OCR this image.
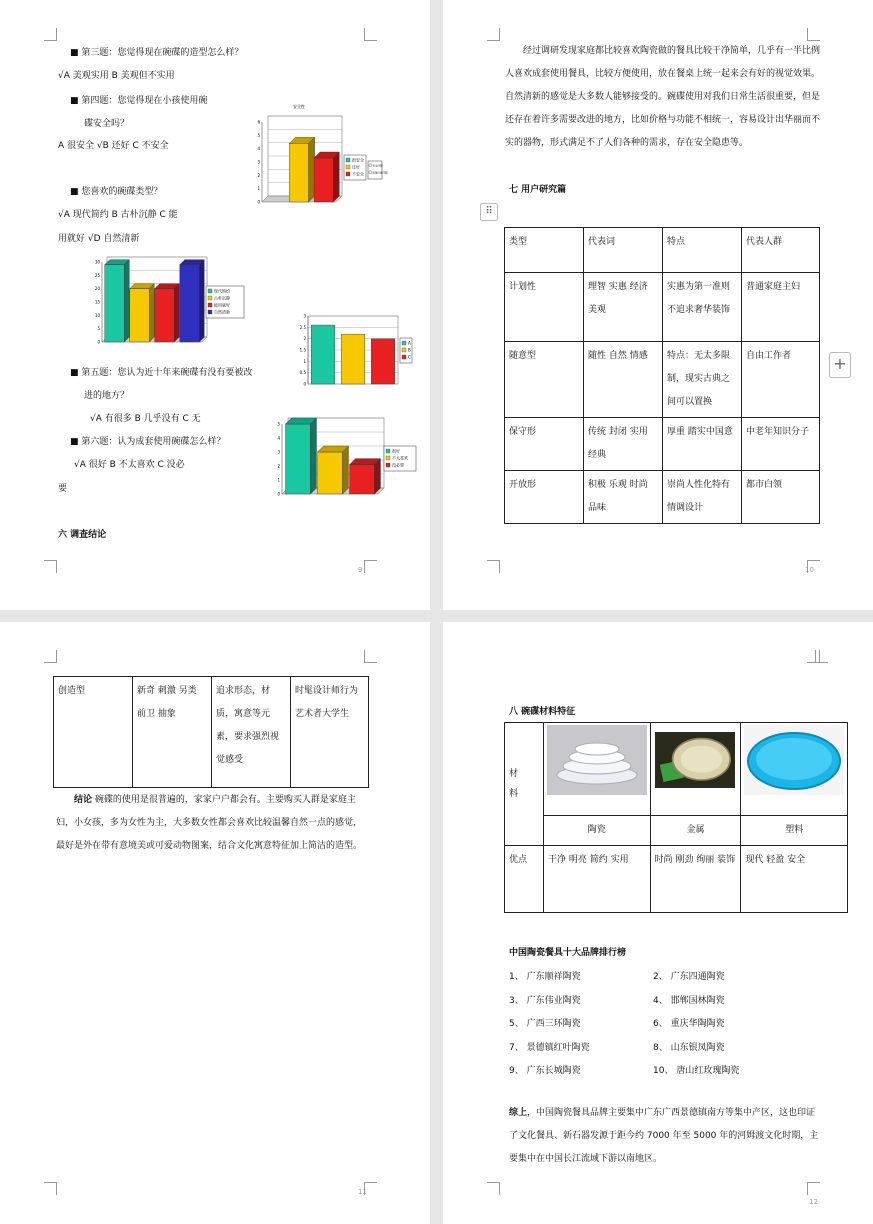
■ 第三题：您觉得现在碗碟的造型怎么样？
√A 美观实用 B 美观但不实用
■ 第四题：您觉得现在小孩使用碗
碟安全吗？
A 很安全 √B 还好 C 不安全
■ 您喜欢的碗碟类型？
√A 现代简约 B 古朴沉静 C 能
用就好 √D 自然清新
■ 第五题：您认为近十年来碗碟有没有要被改
进的地方？
√A 有很多 B 几乎没有 C 无
■ 第六题：认为成套使用碗碟怎么样？
√A 很好 B 不太喜欢 C 没必
要
六 调查结论
9
安全性
0
1
2
3
4
5
6
很安全
还好
不安全
安全问题
还要注意问题
0
5
10
15
20
25
30
现代简约
古朴沉静
能用就好
自然清新
0
0.5
1
1.5
2
2.5
3
A
B
C
0
1
2
3
4
5
很好
不太喜欢
没必要
经过调研发现家庭都比较喜欢陶瓷做的餐具比较干净简单，几乎有一半比例人喜欢成套使用餐具，比较方便使用，放在餐桌上统一起来会有好的视觉效果。自然清新的感觉是大多数人能够接受的。碗碟使用对我们日常生活很重要，但是还存在着许多需要改进的地方，比如价格与功能不相统一，容易设计出华丽而不实的器物，形式满足不了人们各种的需求，存在安全隐患等。
七 用户研究篇
类型	代表词	特点	代表人群
计划性	理智 实惠 经济 美观	实惠为第一准则不追求奢华装饰	普通家庭主妇
随意型	随性 自然 情感	特点：无太多限制，现实古典之间可以置换	自由工作者
保守形	传统 封闭 实用 经典	厚重 踏实中国意	中老年知识分子
开放形	积极 乐观 时尚 品味	崇尚人性化特有情调设计	都市白领
10
⠿
+
创造型	新奇 刺激 另类 前卫 抽象	追求形态，材质，寓意等元素，要求强烈视觉感受	时髦设计师行为艺术者大学生
结论 碗碟的使用是很普遍的，家家户户都会有。主要购买人群是家庭主妇，小女孩，多为女性为主，大多数女性都会喜欢比较温馨自然一点的感觉，最好是外在带有意境美或可爱动物图案，结合文化寓意特征加上简洁的造型。
11
八 碗碟材料特征
材料

	陶瓷	金属	塑料
优点	干净 明亮 简约 实用	时尚 刚劲 绚丽 装饰	现代 轻盈 安全
中国陶瓷餐具十大品牌排行榜
1、 广东顺祥陶瓷	2、 广东四通陶瓷
3、 广东伟业陶瓷	4、 邯郸国林陶瓷
5、 广西三环陶瓷	6、 重庆华陶陶瓷
7、 景德镇红叶陶瓷	8、 山东银凤陶瓷
9、 广东长城陶瓷	10、 唐山红玫瑰陶瓷
综上，中国陶瓷餐具品牌主要集中广东广西景德镇南方等集中产区，这也印证了文化餐具、新石器发源于距今约 7000 年至 5000 年的河姆渡文化时期，主要集中在中国长江流域下游以南地区。
12
